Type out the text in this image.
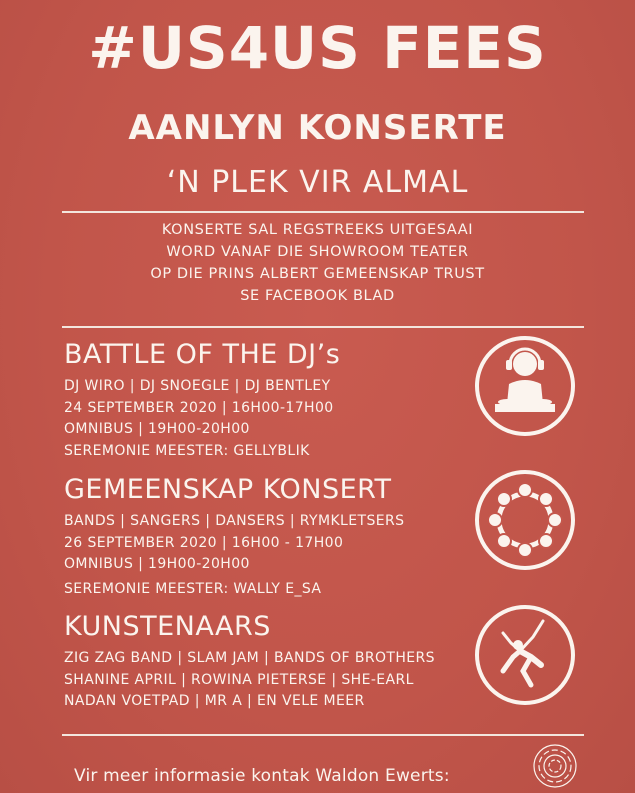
#US4US FEES
AANLYN KONSERTE
‘N PLEK VIR ALMAL
KONSERTE SAL REGSTREEKS UITGESAAI
WORD VANAF DIE SHOWROOM TEATER
OP DIE PRINS ALBERT GEMEENSKAP TRUST
SE FACEBOOK BLAD
BATTLE OF THE DJ’s
DJ WIRO | DJ SNOEGLE | DJ BENTLEY
24 SEPTEMBER 2020 | 16H00-17H00
OMNIBUS | 19H00-20H00
SEREMONIE MEESTER: GELLYBLIK
GEMEENSKAP KONSERT
BANDS | SANGERS | DANSERS | RYMKLETSERS
26 SEPTEMBER 2020 | 16H00 - 17H00
OMNIBUS | 19H00-20H00
SEREMONIE MEESTER: WALLY E_SA
KUNSTENAARS
ZIG ZAG BAND | SLAM JAM | BANDS OF BROTHERS
SHANINE APRIL | ROWINA PIETERSE | SHE-EARL
NADAN VOETPAD | MR A | EN VELE MEER
Vir meer informasie kontak Waldon Ewerts:
